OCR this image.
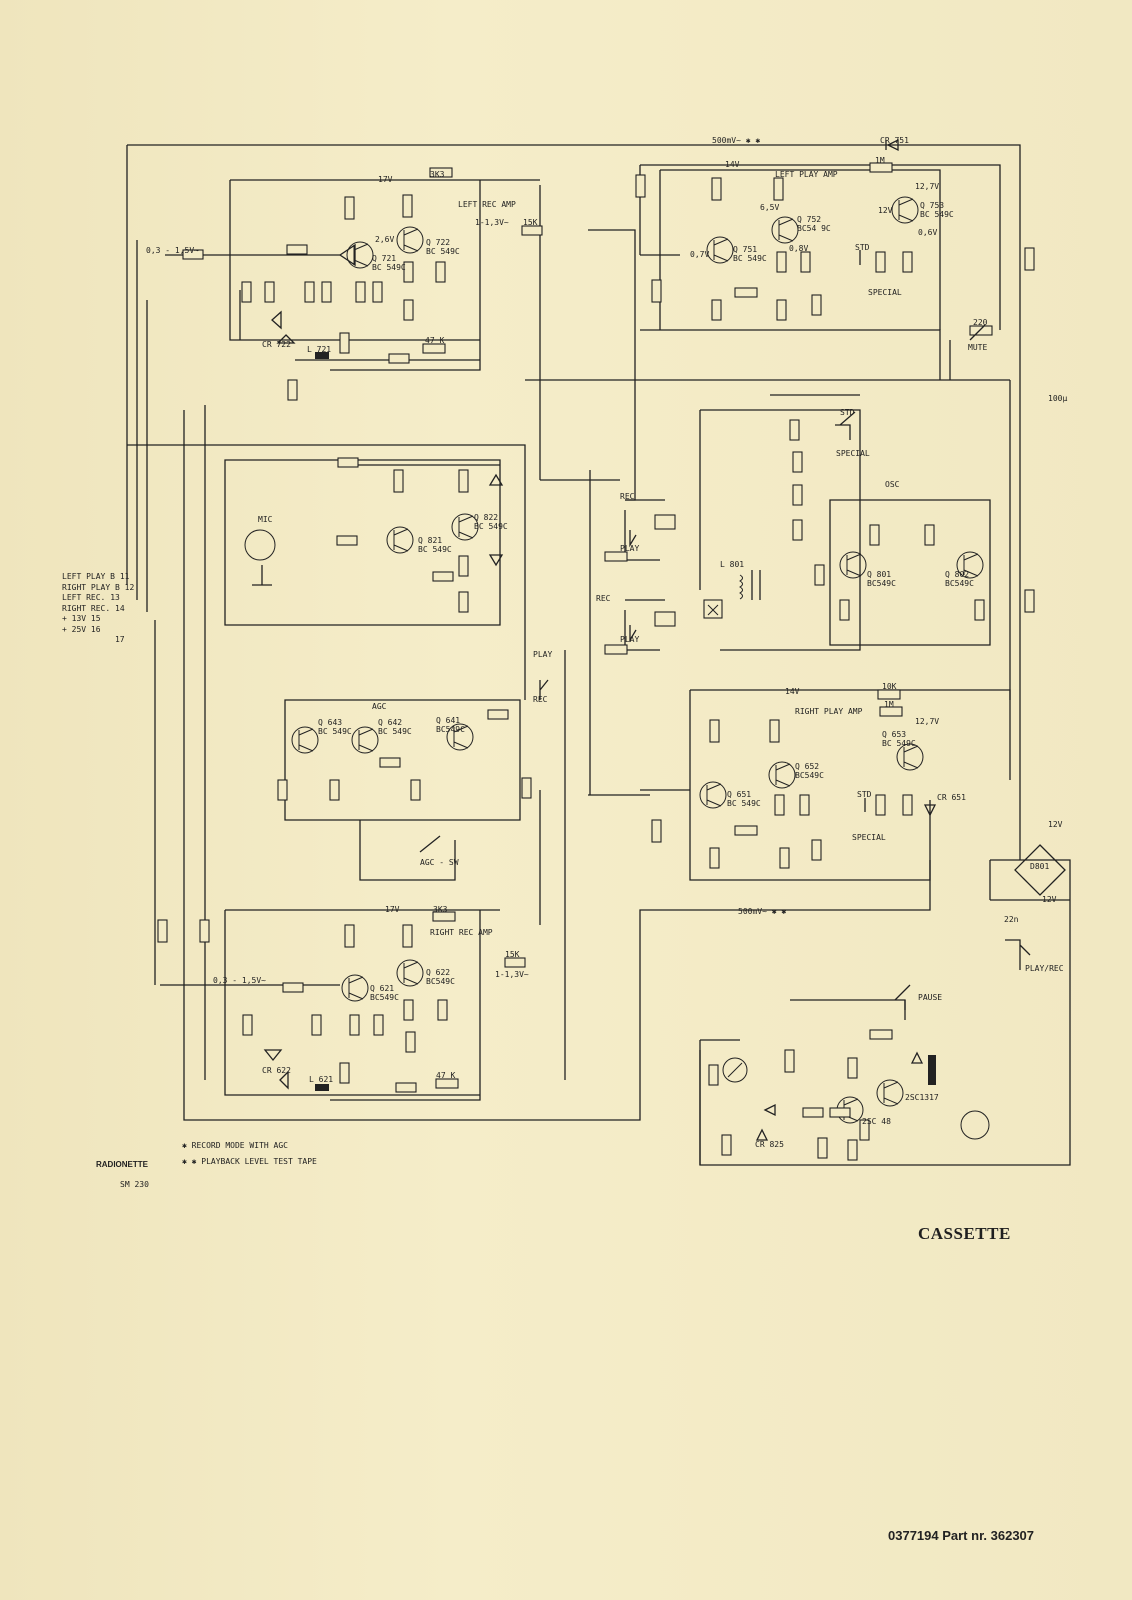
LEFT PLAY B 11
RIGHT PLAY B 12
LEFT REC. 13
RIGHT REC. 14
+ 13V 15
+ 25V 16
17
LEFT REC AMP
RIGHT REC AMP
LEFT PLAY AMP
RIGHT PLAY AMP
AGC
AGC - SW
OSC
MIC
MUTE
PAUSE
PLAY/REC
STD
SPECIAL
STD
SPECIAL
STD
SPECIAL
REC
PLAY
REC
PLAY
PLAY
REC
500mV~ ✱ ✱
500mV~ ✱ ✱
3K3
15K
15K
3K3
47 K
47 K
1M
1M
10K
220
100μ
22n
17V
17V
12V
12,7V
12,7V
14V
14V
6,5V
0,8V
0,6V
0,7V
2,6V
1-1,3V~
0,3 - 1,5V~
0,3 - 1,5V~
1-1,3V~
12V
12V
Q 751
BC 549C
Q 752
BC54 9C
Q 753
BC 549C
Q 721
BC 549C
Q 722
BC 549C
Q 821
BC 549C
Q 822
BC 549C
Q 801
BC549C
Q 802
BC549C
Q 643
BC 549C
Q 642
BC 549C
Q 641
BC549C
Q 651
BC 549C
Q 652
BC549C
Q 653
BC 549C
Q 621
BC549C
Q 622
BC549C
2SC 48
2SC1317
CR 751
CR 722
CR 651
CR 622
CR 825
D801
L 721
L 621
L 801
✱ RECORD MODE WITH AGC
✱ ✱ PLAYBACK LEVEL TEST TAPE
RADIONETTE
SM 230
CASSETTE
0377194 Part nr. 362307
